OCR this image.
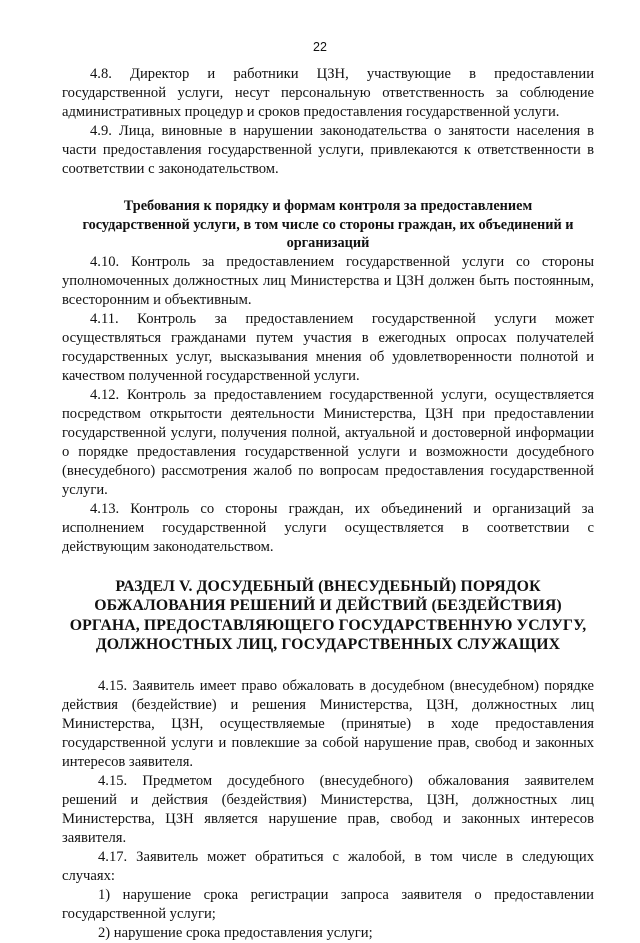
22

4.8. Директор и работники ЦЗН, участвующие в предоставлении государственной услуги, несут персональную ответственность за соблюдение административных процедур и сроков предоставления государственной услуги.

4.9. Лица, виновные в нарушении законодательства о занятости населения в части предоставления государственной услуги, привлекаются к ответственности в соответствии с законодательством.

Требования к порядку и формам контроля за предоставлением государственной услуги, в том числе со стороны граждан, их объединений и организаций

4.10. Контроль за предоставлением государственной услуги со стороны уполномоченных должностных лиц Министерства и ЦЗН должен быть постоянным, всесторонним и объективным.

4.11. Контроль за предоставлением государственной услуги может осуществляться гражданами путем участия в ежегодных опросах получателей государственных услуг, высказывания мнения об удовлетворенности полнотой и качеством полученной государственной услуги.

4.12. Контроль за предоставлением государственной услуги, осуществляется посредством открытости деятельности Министерства, ЦЗН при предоставлении государственной услуги, получения полной, актуальной и достоверной информации о порядке предоставления государственной услуги и возможности досудебного (внесудебного) рассмотрения жалоб по вопросам предоставления государственной услуги.

4.13. Контроль со стороны граждан, их объединений и организаций за исполнением государственной услуги осуществляется в соответствии с действующим законодательством.

РАЗДЕЛ V. ДОСУДЕБНЫЙ (ВНЕСУДЕБНЫЙ) ПОРЯДОК ОБЖАЛОВАНИЯ РЕШЕНИЙ И ДЕЙСТВИЙ (БЕЗДЕЙСТВИЯ) ОРГАНА, ПРЕДОСТАВЛЯЮЩЕГО ГОСУДАРСТВЕННУЮ УСЛУГУ, ДОЛЖНОСТНЫХ ЛИЦ, ГОСУДАРСТВЕННЫХ СЛУЖАЩИХ

4.15. Заявитель имеет право обжаловать в досудебном (внесудебном) порядке действия (бездействие) и решения Министерства, ЦЗН, должностных лиц Министерства, ЦЗН, осуществляемые (принятые) в ходе предоставления государственной услуги и повлекшие за собой нарушение прав, свобод и законных интересов заявителя.

4.15. Предметом досудебного (внесудебного) обжалования заявителем решений и действия (бездействия) Министерства, ЦЗН, должностных лиц Министерства, ЦЗН является нарушение прав, свобод и законных интересов заявителя.

4.17. Заявитель может обратиться с жалобой, в том числе в следующих случаях:

1) нарушение срока регистрации запроса заявителя о предоставлении государственной услуги;

2) нарушение срока предоставления услуги;
